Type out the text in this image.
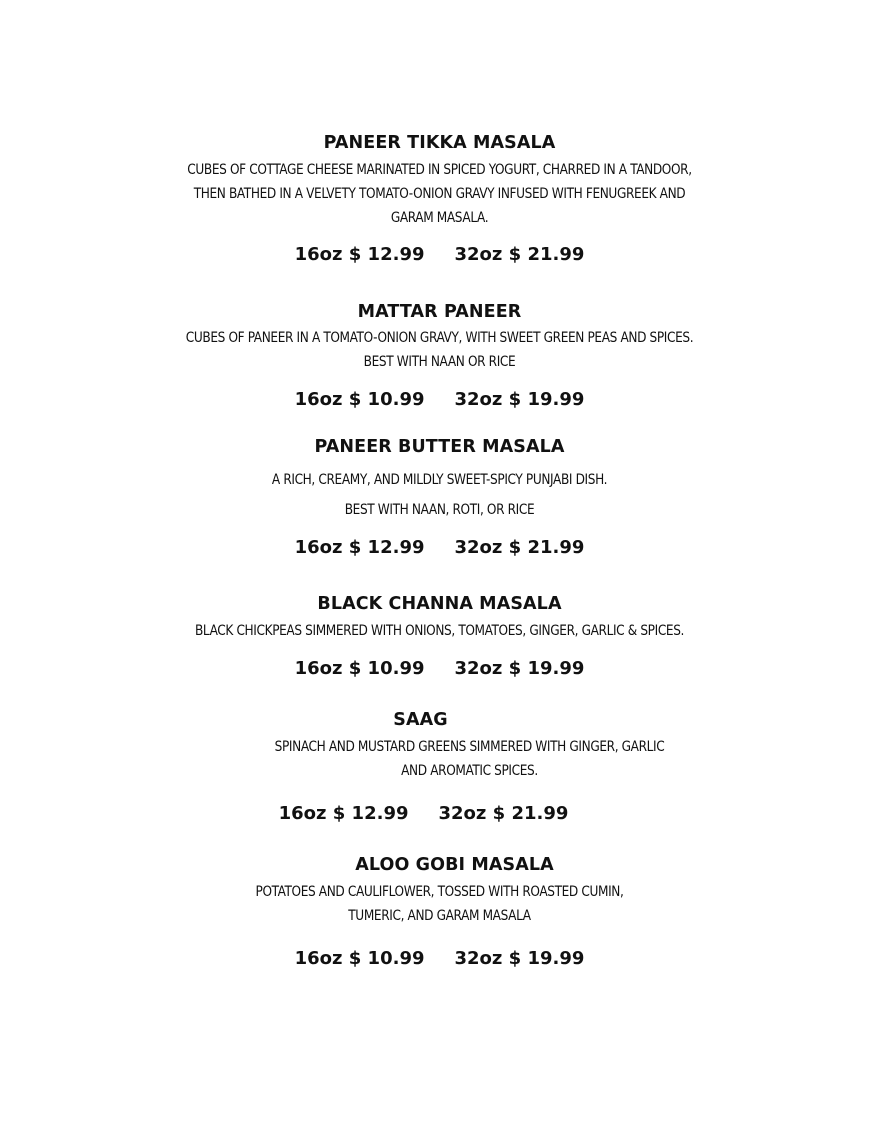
PANEER TIKKA MASALA
CUBES OF COTTAGE CHEESE MARINATED IN SPICED YOGURT, CHARRED IN A TANDOOR,
THEN BATHED IN A VELVETY TOMATO-ONION GRAVY INFUSED WITH FENUGREEK AND
GARAM MASALA.
16oz $ 12.99 32oz $ 21.99
MATTAR PANEER
CUBES OF PANEER IN A TOMATO-ONION GRAVY, WITH SWEET GREEN PEAS AND SPICES.
BEST WITH NAAN OR RICE
16oz $ 10.99 32oz $ 19.99
PANEER BUTTER MASALA
A RICH, CREAMY, AND MILDLY SWEET-SPICY PUNJABI DISH.
BEST WITH NAAN, ROTI, OR RICE
16oz $ 12.99 32oz $ 21.99
BLACK CHANNA MASALA
BLACK CHICKPEAS SIMMERED WITH ONIONS, TOMATOES, GINGER, GARLIC & SPICES.
16oz $ 10.99 32oz $ 19.99
SAAG
SPINACH AND MUSTARD GREENS SIMMERED WITH GINGER, GARLIC
AND AROMATIC SPICES.
16oz $ 12.99 32oz $ 21.99
ALOO GOBI MASALA
POTATOES AND CAULIFLOWER, TOSSED WITH ROASTED CUMIN,
TUMERIC, AND GARAM MASALA
16oz $ 10.99 32oz $ 19.99
